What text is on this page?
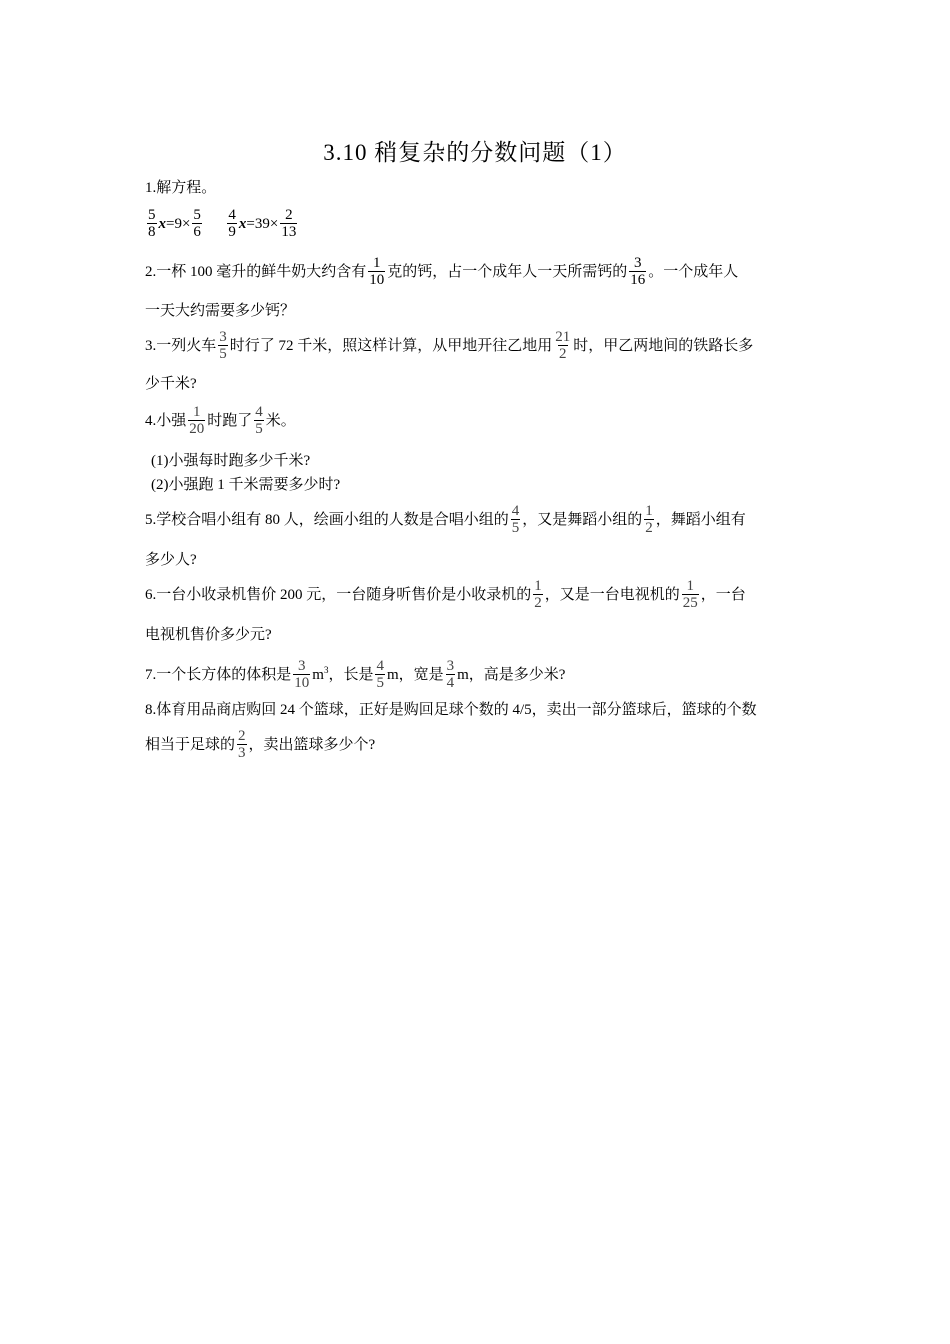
3.10 稍复杂的分数问题（1）
1.解方程。
$\frac{5}{8} x=9\times \frac{5}{6}$
$\frac{4}{9} x=39\times \frac{2}{13}$
2.一杯 100 毫升的鲜牛奶大约含有 $\frac{1}{10}$ 克的钙，占一个成年人一天所需钙的 $\frac{3}{16}$ 。一个成年人
一天大约需要多少钙？
3.一列火车 $\frac{3}{5}$ 时行了 72 千米，照这样计算，从甲地开往乙地用 $\frac{21}{2}$ 时，甲乙两地间的铁路长多
少千米?
4.小强 $\frac{1}{20}$ 时跑了 $\frac{4}{5}$ 米。
(1)小强每时跑多少千米?
(2)小强跑 1 千米需要多少时?
5.学校合唱小组有 80 人，绘画小组的人数是合唱小组的 $\frac{4}{5}$ ，又是舞蹈小组的 $\frac{1}{2}$ ，舞蹈小组有
多少人?
6.一台小收录机售价 200 元，一台随身听售价是小收录机的 $\frac{1}{2}$ ，又是一台电视机的 $\frac{1}{25}$ ，一台
电视机售价多少元?
7.一个长方体的体积是 $\frac{3}{10} m^3$，长是 $\frac{4}{5}$ m，宽是 $\frac{3}{4}$ m，高是多少米?
8.体育用品商店购回 24 个篮球，正好是购回足球个数的 4/5，卖出一部分篮球后，篮球的个数
相当于足球的 $\frac{2}{3}$ ，卖出篮球多少个?
